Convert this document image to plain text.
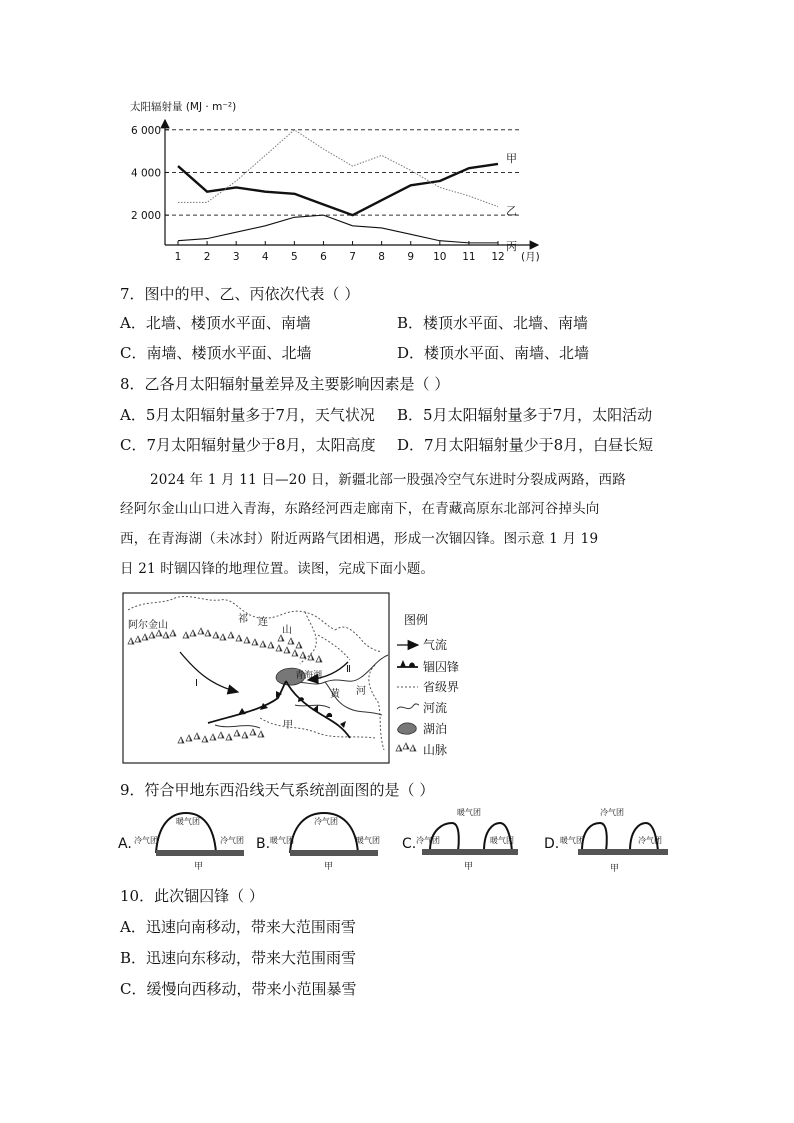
太阳辐射量 (MJ · m⁻²)
6 000
4 000
2 000
1 2 3 4 5 6 7 8 9 10 11 12
甲
乙
丙
(月)
7．图中的甲、乙、丙依次代表（ ）
A．北墙、楼顶水平面、南墙	B．楼顶水平面、北墙、南墙
C．南墙、楼顶水平面、北墙	D．楼顶水平面、南墙、北墙
8．乙各月太阳辐射量差异及主要影响因素是（ ）
A．5月太阳辐射量多于7月，天气状况 B．5月太阳辐射量多于7月，太阳活动
C．7月太阳辐射量少于8月，太阳高度 D．7月太阳辐射量少于8月，白昼长短
2024 年 1 月 11 日—20 日，新疆北部一股强冷空气东进时分裂成两路，西路
经阿尔金山山口进入青海，东路经河西走廊南下，在青藏高原东北部河谷掉头向
西，在青海湖（未冰封）附近两路气团相遇，形成一次锢囚锋。图示意 1 月 19
日 21 时锢囚锋的地理位置。读图，完成下面小题。
阿尔金山
祁 连
山
青海湖
黄 河
Ⅰ
Ⅱ
甲
图例
气流
锢囚锋
省级界
河流
湖泊
山脉
9．符合甲地东西沿线天气系统剖面图的是（ ）
A.
暖气团
冷气团	冷气团
甲
B.
冷气团
暖气团	暖气团
甲
C.
暖气团
冷气团	暖气团
甲
D.
冷气团
暖气团	冷气团
甲
10．此次锢囚锋（ ）
A．迅速向南移动，带来大范围雨雪
B．迅速向东移动，带来大范围雨雪
C．缓慢向西移动，带来小范围暴雪
